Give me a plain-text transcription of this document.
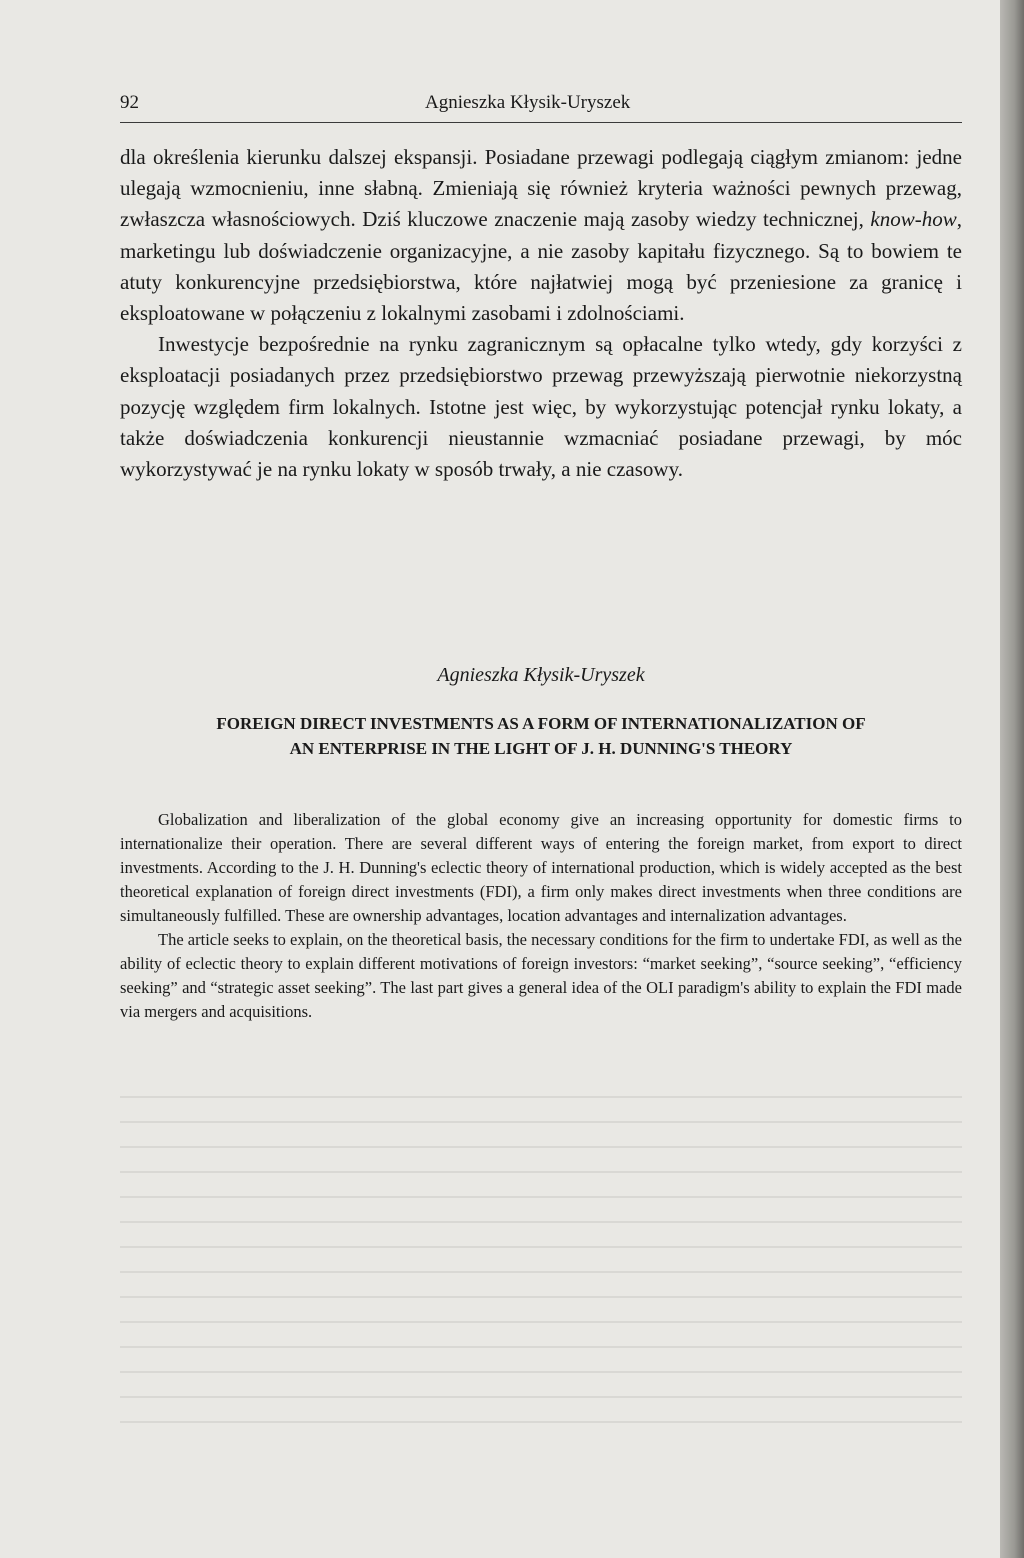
92	Agnieszka Kłysik-Uryszek

dla określenia kierunku dalszej ekspansji. Posiadane przewagi podlegają ciągłym zmianom: jedne ulegają wzmocnieniu, inne słabną. Zmieniają się również kryteria ważności pewnych przewag, zwłaszcza własnościowych. Dziś kluczowe znaczenie mają zasoby wiedzy technicznej, know-how, marketingu lub doświadczenie organizacyjne, a nie zasoby kapitału fizycznego. Są to bowiem te atuty konkurencyjne przedsiębiorstwa, które najłatwiej mogą być przeniesione za granicę i eksploatowane w połączeniu z lokalnymi zasobami i zdolnościami.

Inwestycje bezpośrednie na rynku zagranicznym są opłacalne tylko wtedy, gdy korzyści z eksploatacji posiadanych przez przedsiębiorstwo przewag przewyższają pierwotnie niekorzystną pozycję względem firm lokalnych. Istotne jest więc, by wykorzystując potencjał rynku lokaty, a także doświadczenia konkurencji nieustannie wzmacniać posiadane przewagi, by móc wykorzystywać je na rynku lokaty w sposób trwały, a nie czasowy.

Agnieszka Kłysik-Uryszek
FOREIGN DIRECT INVESTMENTS AS A FORM OF INTERNATIONALIZATION OF
AN ENTERPRISE IN THE LIGHT OF J. H. DUNNING'S THEORY

Globalization and liberalization of the global economy give an increasing opportunity for domestic firms to internationalize their operation. There are several different ways of entering the foreign market, from export to direct investments. According to the J. H. Dunning's eclectic theory of international production, which is widely accepted as the best theoretical explanation of foreign direct investments (FDI), a firm only makes direct investments when three conditions are simultaneously fulfilled. These are ownership advantages, location advantages and internalization advantages.

The article seeks to explain, on the theoretical basis, the necessary conditions for the firm to undertake FDI, as well as the ability of eclectic theory to explain different motivations of foreign investors: “market seeking”, “source seeking”, “efficiency seeking” and “strategic asset seeking”. The last part gives a general idea of the OLI paradigm's ability to explain the FDI made via mergers and acquisitions.
